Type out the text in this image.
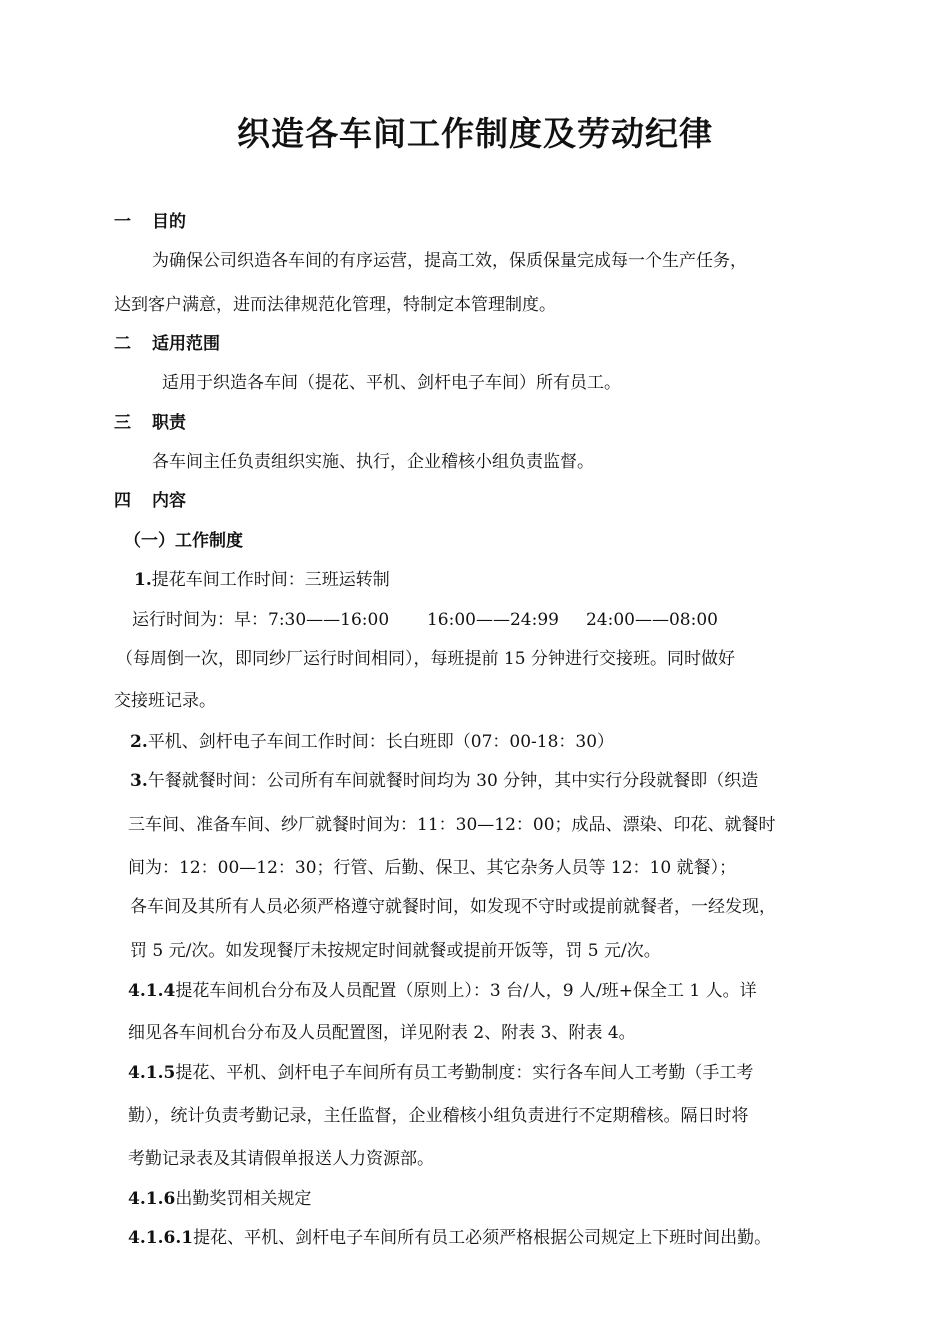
织造各车间工作制度及劳动纪律
一 目的
为确保公司织造各车间的有序运营，提高工效，保质保量完成每一个生产任务，
达到客户满意，进而法律规范化管理，特制定本管理制度。
二 适用范围
适用于织造各车间（提花、平机、剑杆电子车间）所有员工。
三 职责
各车间主任负责组织实施、执行，企业稽核小组负责监督。
四 内容
（一）工作制度
1.提花车间工作时间：三班运转制
运行时间为：早：7:30——16:00       16:00——24:99     24:00——08:00
（每周倒一次，即同纱厂运行时间相同），每班提前 15 分钟进行交接班。同时做好
交接班记录。
2.平机、剑杆电子车间工作时间：长白班即（07：00-18：30）
3.午餐就餐时间：公司所有车间就餐时间均为 30 分钟，其中实行分段就餐即（织造
三车间、准备车间、纱厂就餐时间为：11：30—12：00；成品、漂染、印花、就餐时
间为：12：00—12：30；行管、后勤、保卫、其它杂务人员等 12：10 就餐）；
各车间及其所有人员必须严格遵守就餐时间，如发现不守时或提前就餐者，一经发现，
罚 5 元/次。如发现餐厅未按规定时间就餐或提前开饭等，罚 5 元/次。
4.1.4提花车间机台分布及人员配置（原则上）：3 台/人，9 人/班+保全工 1 人。详
细见各车间机台分布及人员配置图，详见附表 2、附表 3、附表 4。
4.1.5提花、平机、剑杆电子车间所有员工考勤制度：实行各车间人工考勤（手工考
勤），统计负责考勤记录，主任监督，企业稽核小组负责进行不定期稽核。隔日时将
考勤记录表及其请假单报送人力资源部。
4.1.6出勤奖罚相关规定
4.1.6.1提花、平机、剑杆电子车间所有员工必须严格根据公司规定上下班时间出勤。
